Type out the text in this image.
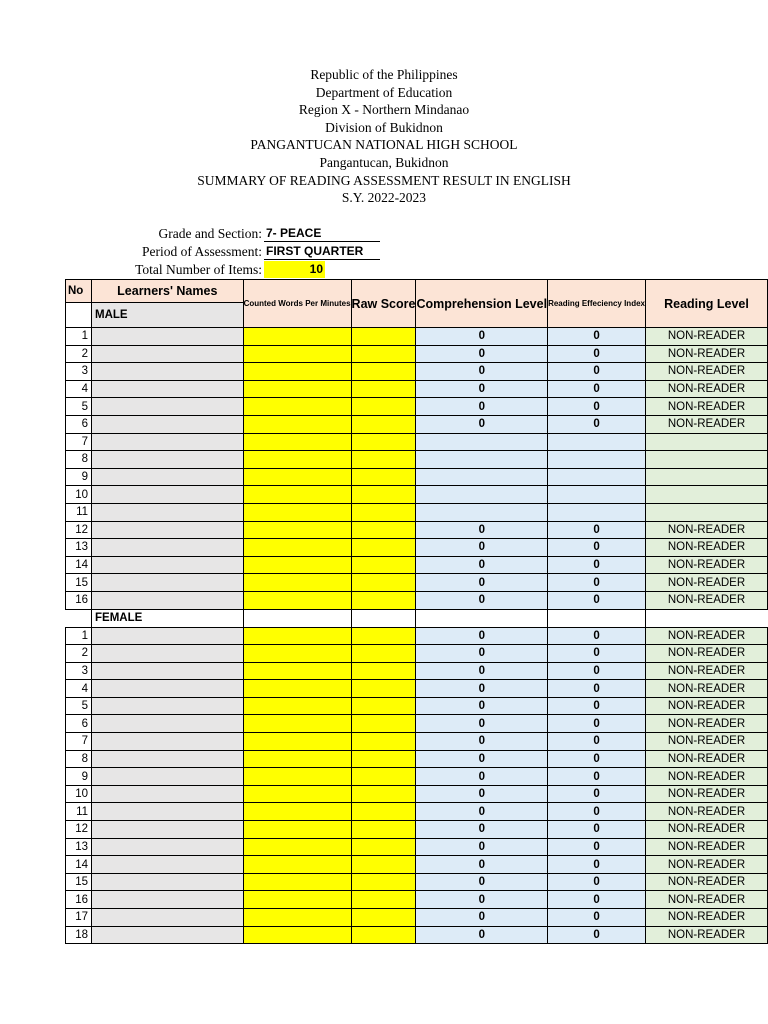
Republic of the Philippines
Department of Education
Region X - Northern Mindanao
Division of Bukidnon
PANGANTUCAN NATIONAL HIGH SCHOOL
Pangantucan, Bukidnon
SUMMARY OF READING ASSESSMENT RESULT IN ENGLISH
S.Y. 2022-2023
Grade and Section: 7- PEACE
Period of Assessment: FIRST QUARTER
Total Number of Items:	10
No	Learners' Names	Counted Words Per Minutes	Raw Score	Comprehension Level	Reading Effeciency Index	Reading Level
	MALE					
1				0	0	NON-READER
2				0	0	NON-READER
3				0	0	NON-READER
4				0	0	NON-READER
5				0	0	NON-READER
6				0	0	NON-READER
7						
8						
9						
10						
11						
12				0	0	NON-READER
13				0	0	NON-READER
14				0	0	NON-READER
15				0	0	NON-READER
16				0	0	NON-READER
	FEMALE					
1				0	0	NON-READER
2				0	0	NON-READER
3				0	0	NON-READER
4				0	0	NON-READER
5				0	0	NON-READER
6				0	0	NON-READER
7				0	0	NON-READER
8				0	0	NON-READER
9				0	0	NON-READER
10				0	0	NON-READER
11				0	0	NON-READER
12				0	0	NON-READER
13				0	0	NON-READER
14				0	0	NON-READER
15				0	0	NON-READER
16				0	0	NON-READER
17				0	0	NON-READER
18				0	0	NON-READER
